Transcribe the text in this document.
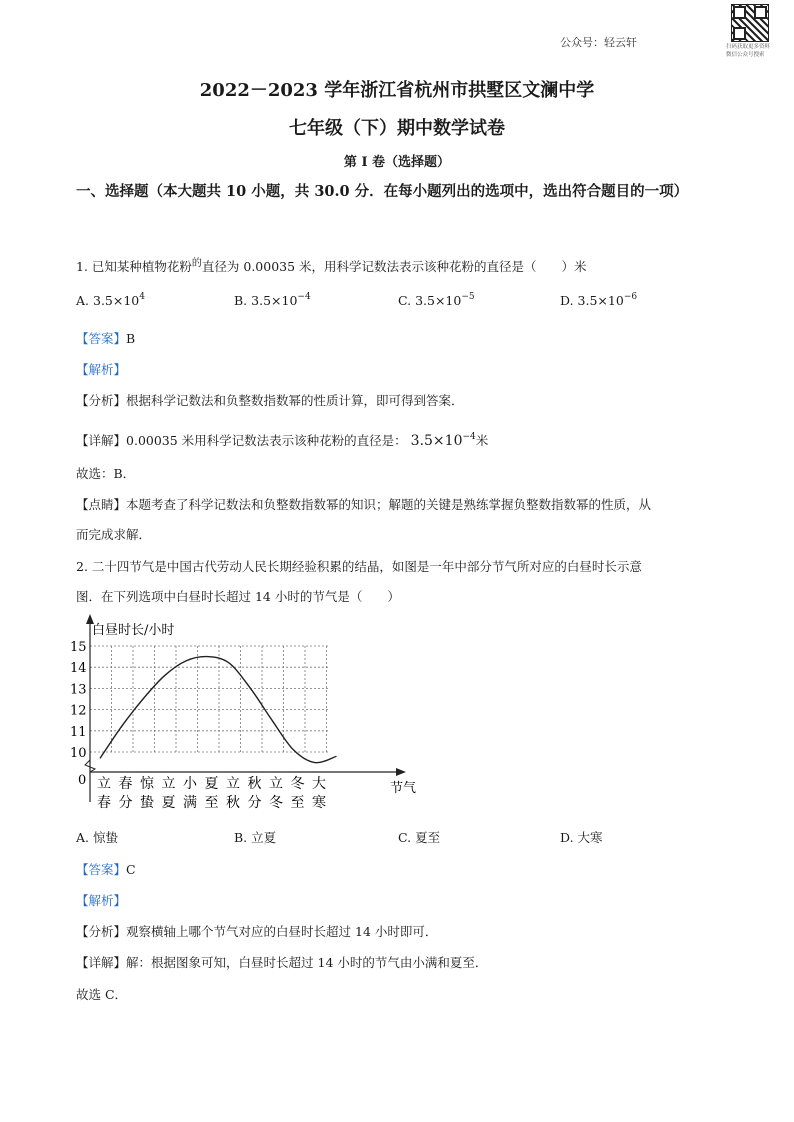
公众号：轻云轩	扫码获取更多资料
微信公众号搜索
2022－2023 学年浙江省杭州市拱墅区文澜中学
七年级（下）期中数学试卷
第 I 卷（选择题）
一、选择题（本大题共 10 小题，共 30.0 分．在每小题列出的选项中，选出符合题目的一项）
1. 已知某种植物花粉$^的$直径为 0.00035 米，用科学记数法表示该种花粉的直径是（　　）米
A. $3.5\times 10^4$	B. $3.5\times 10^{-4}$	C. $3.5\times 10^{-5}$	D. $3.5\times 10^{-6}$
【答案】B
【解析】
【分析】根据科学记数法和负整数指数幂的性质计算，即可得到答案．
【详解】0.00035 米用科学记数法表示该种花粉的直径是： $3.5\times 10^{-4}$米
故选：B．
【点睛】本题考查了科学记数法和负整数指数幂的知识；解题的关键是熟练掌握负整数指数幂的性质，从
而完成求解．
2. 二十四节气是中国古代劳动人民长期经验积累的结晶，如图是一年中部分节气所对应的白昼时长示意
图．在下列选项中白昼时长超过 14 小时的节气是（　　）
白昼时长/小时
节气
0
10
11
12
13
14
15
立
春
春
分
惊
蛰
立
夏
小
满
夏
至
立
秋
秋
分
立
冬
冬
至
大
寒
A. 惊蛰	B. 立夏	C. 夏至	D. 大寒
【答案】C
【解析】
【分析】观察横轴上哪个节气对应的白昼时长超过 14 小时即可．
【详解】解：根据图象可知，白昼时长超过 14 小时的节气由小满和夏至．
故选 C．
